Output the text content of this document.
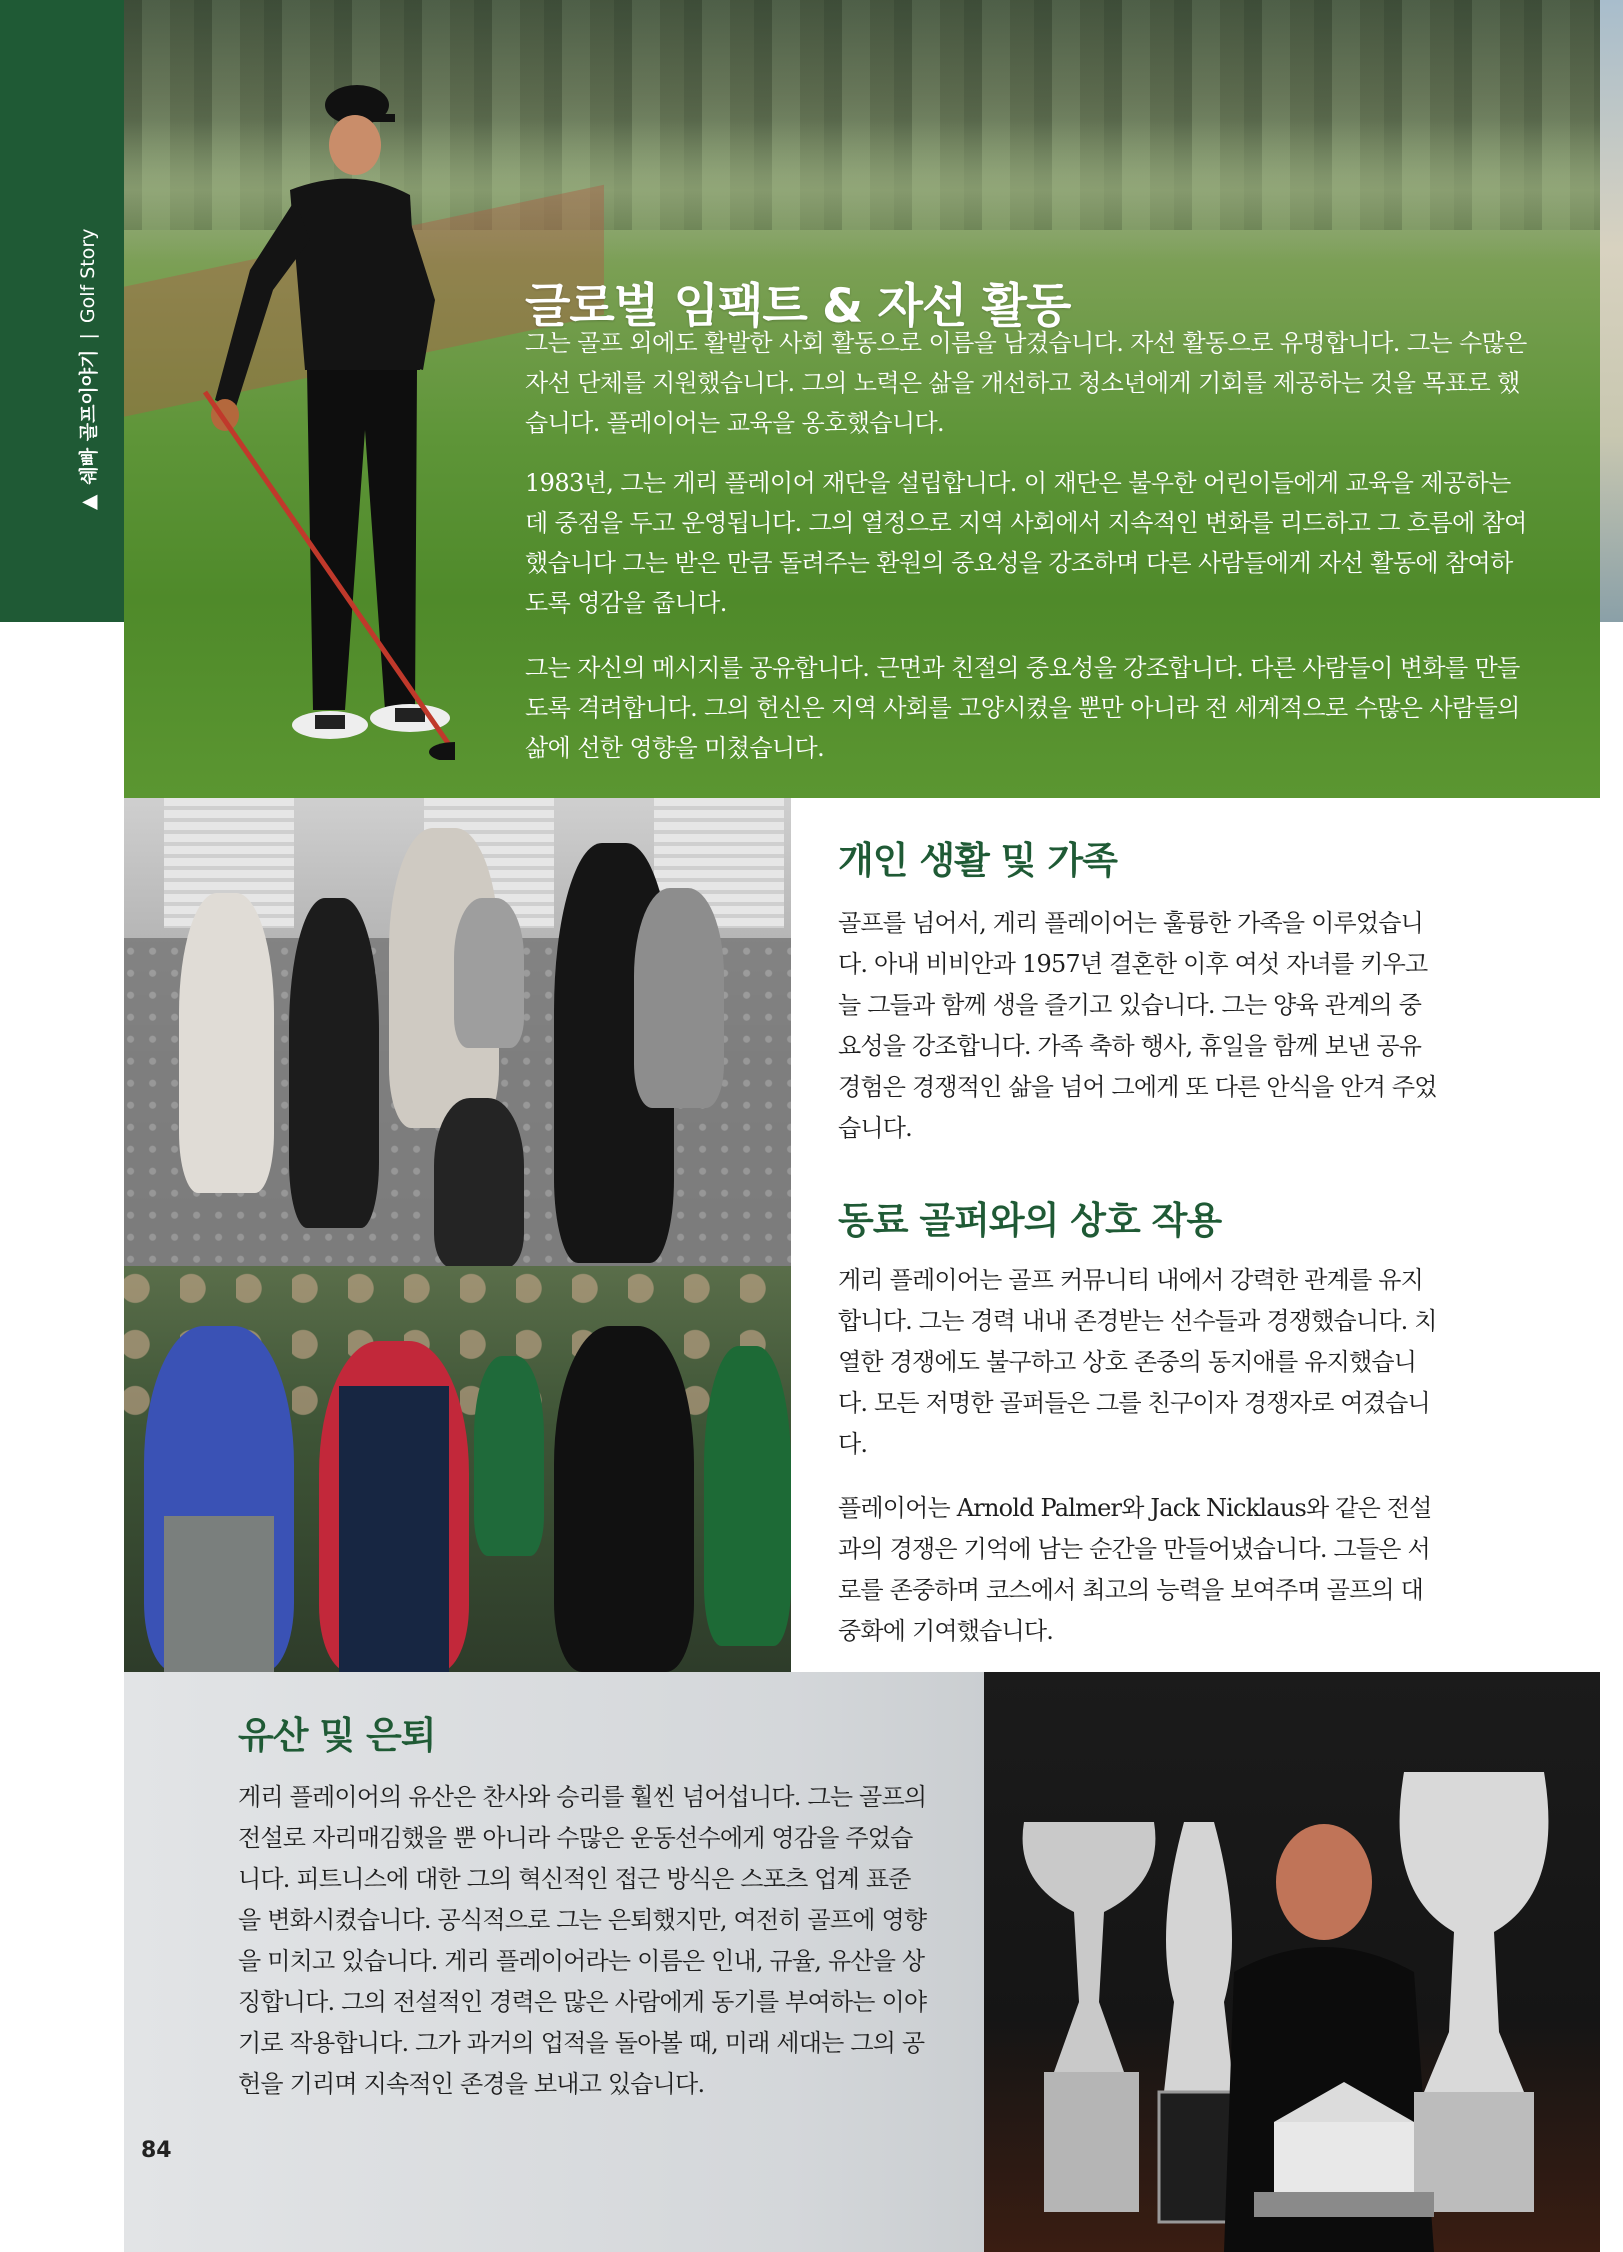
▲
쉐빠 골프이야기
|
Golf Story	글로벌 임팩트 & 자선 활동

그는 골프 외에도 활발한 사회 활동으로 이름을 남겼습니다. 자선 활동으로 유명합니다. 그는 수많은 자선 단체를 지원했습니다. 그의 노력은 삶을 개선하고 청소년에게 기회를 제공하는 것을 목표로 했습니다. 플레이어는 교육을 옹호했습니다.

1983년, 그는 게리 플레이어 재단을 설립합니다. 이 재단은 불우한 어린이들에게 교육을 제공하는 데 중점을 두고 운영됩니다. 그의 열정으로 지역 사회에서 지속적인 변화를 리드하고 그 흐름에 참여했습니다 그는 받은 만큼 돌려주는 환원의 중요성을 강조하며 다른 사람들에게 자선 활동에 참여하도록 영감을 줍니다.

그는 자신의 메시지를 공유합니다. 근면과 친절의 중요성을 강조합니다. 다른 사람들이 변화를 만들도록 격려합니다. 그의 헌신은 지역 사회를 고양시켰을 뿐만 아니라 전 세계적으로 수많은 사람들의 삶에 선한 영향을 미쳤습니다.

개인 생활 및 가족

골프를 넘어서, 게리 플레이어는 훌륭한 가족을 이루었습니다. 아내 비비안과 1957년 결혼한 이후 여섯 자녀를 키우고 늘 그들과 함께 생을 즐기고 있습니다. 그는 양육 관계의 중요성을 강조합니다. 가족 축하 행사, 휴일을 함께 보낸 공유 경험은 경쟁적인 삶을 넘어 그에게 또 다른 안식을 안겨 주었습니다.

동료 골퍼와의 상호 작용

게리 플레이어는 골프 커뮤니티 내에서 강력한 관계를 유지합니다. 그는 경력 내내 존경받는 선수들과 경쟁했습니다. 치열한 경쟁에도 불구하고 상호 존중의 동지애를 유지했습니다. 모든 저명한 골퍼들은 그를 친구이자 경쟁자로 여겼습니다.

플레이어는 Arnold Palmer와 Jack Nicklaus와 같은 전설과의 경쟁은 기억에 남는 순간을 만들어냈습니다. 그들은 서로를 존중하며 코스에서 최고의 능력을 보여주며 골프의 대중화에 기여했습니다.

유산 및 은퇴

게리 플레이어의 유산은 찬사와 승리를 훨씬 넘어섭니다. 그는 골프의 전설로 자리매김했을 뿐 아니라 수많은 운동선수에게 영감을 주었습니다. 피트니스에 대한 그의 혁신적인 접근 방식은 스포츠 업계 표준을 변화시켰습니다. 공식적으로 그는 은퇴했지만, 여전히 골프에 영향을 미치고 있습니다. 게리 플레이어라는 이름은 인내, 규율, 유산을 상징합니다. 그의 전설적인 경력은 많은 사람에게 동기를 부여하는 이야기로 작용합니다. 그가 과거의 업적을 돌아볼 때, 미래 세대는 그의 공헌을 기리며 지속적인 존경을 보내고 있습니다.

84
